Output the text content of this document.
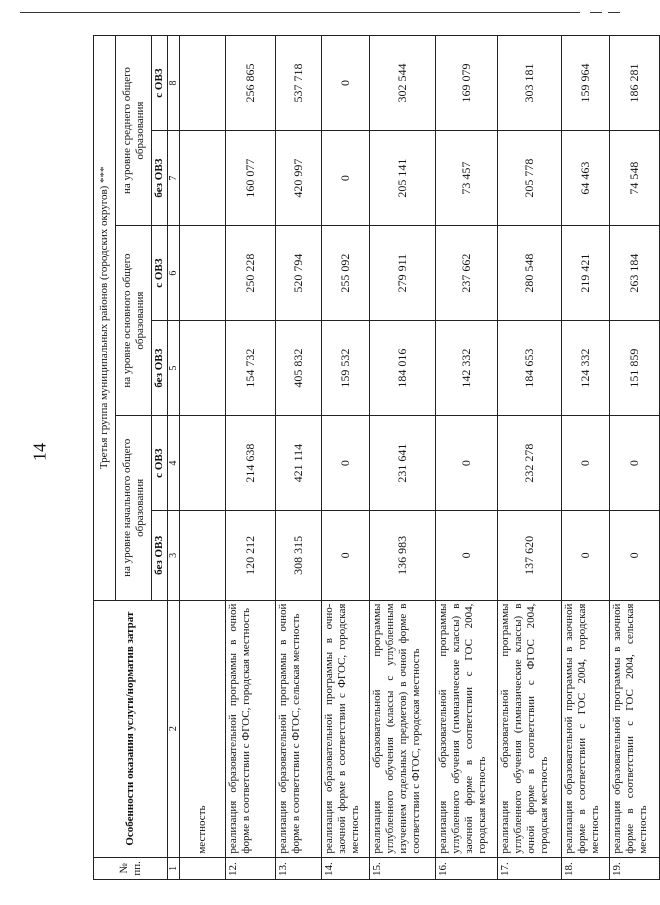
14
№ пп.	Особенности оказания услуги/норматив затрат	Третья группа муниципальных районов (городских округов) ***					
		на уровне начального общего образования		на уровне основного общего образования		на уровне среднего общего образования	
		без ОВЗ	с ОВЗ	без ОВЗ	с ОВЗ	без ОВЗ	с ОВЗ
1	2	3	4	5	6	7	8
	местность						
12.	реализация образовательной программы в очной форме в соответствии с ФГОС, городская местность	120 212	214 638	154 732	250 228	160 077	256 865
13.	реализация образовательной программы в очной форме в соответствии с ФГОС, сельская местность	308 315	421 114	405 832	520 794	420 997	537 718
14.	реализация образовательной программы в очно-заочной форме в соответствии с ФГОС, городская местность	0	0	159 532	255 092	0	0
15.	реализация образовательной программы углубленного обучения (классы с углубленным изучением отдельных предметов) в очной форме в соответствии с ФГОС, городская местность	136 983	231 641	184 016	279 911	205 141	302 544
16.	реализация образовательной программы углубленного обучения (гимназические классы) в заочной форме в соответствии с ГОС 2004, городская местность	0	0	142 332	237 662	73 457	169 079
17.	реализация образовательной программы углубленного обучения (гимназические классы) в очной форме в соответствии с ФГОС 2004, городская местность	137 620	232 278	184 653	280 548	205 778	303 181
18.	реализация образовательной программы в заочной форме в соответствии с ГОС 2004, городская местность	0	0	124 332	219 421	64 463	159 964
19.	реализация образовательной программы в заочной форме в соответствии с ГОС 2004, сельская местность	0	0	151 859	263 184	74 548	186 281
